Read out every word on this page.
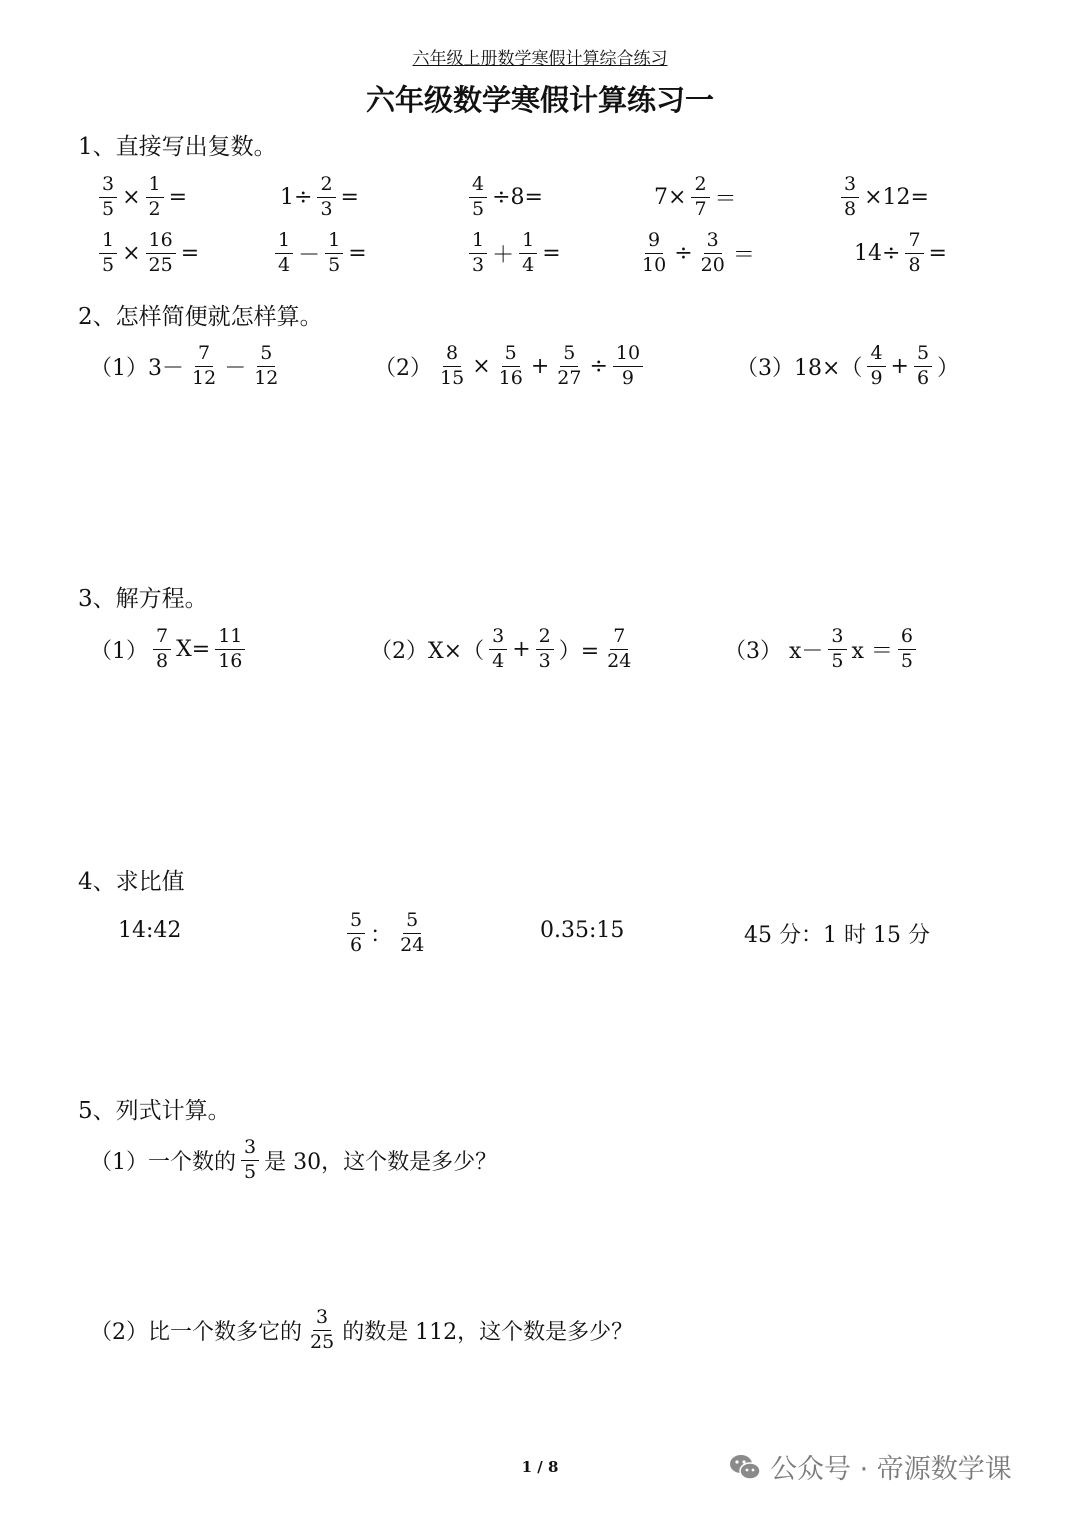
六年级上册数学寒假计算综合练习
六年级数学寒假计算练习一
1、直接写出复数。
$\frac{3}{5} \times \frac{1}{2}$ =	$1\div \frac{2}{3}$ =	$\frac{4}{5} \div 8=$	$7\times \frac{2}{7}$ ＝	$\frac{3}{8} \times 12=$
$\frac{1}{5} \times \frac{16}{25}$ =	$\frac{1}{4} - \frac{1}{5}$ =	$\frac{1}{3} + \frac{1}{4}$ =	$\frac{9}{10} \div \frac{3}{20}$ ＝	$14\div \frac{7}{8}$ =
2、怎样简便就怎样算。
$(1)3- \frac{7}{12} - \frac{5}{12}$	$(2) \frac{8}{15} \times \frac{5}{16} + \frac{5}{27} \div \frac{10}{9}$	$(3)18\times( \frac{4}{9} + \frac{5}{6}$ ）
3、解方程。
$(1) \frac{7}{8} X= \frac{11}{16}$	$(2)X\times( \frac{3}{4} + \frac{2}{3}$ ）= $\frac{7}{24}$	（3） $x- \frac{3}{5}$ $x = \frac{6}{5}$
4、求比值
14:42	$\frac{5}{6}$ ： $\frac{5}{24}$	0.35:15	45 分：1 时 15 分
5、列式计算。
（1）一个数的 $\frac{3}{5}$ 是 30，这个数是多少？
（2）比一个数多它的 $\frac{3}{25}$ 的数是 112，这个数是多少？
1 / 8	公众号 · 帝源数学课
